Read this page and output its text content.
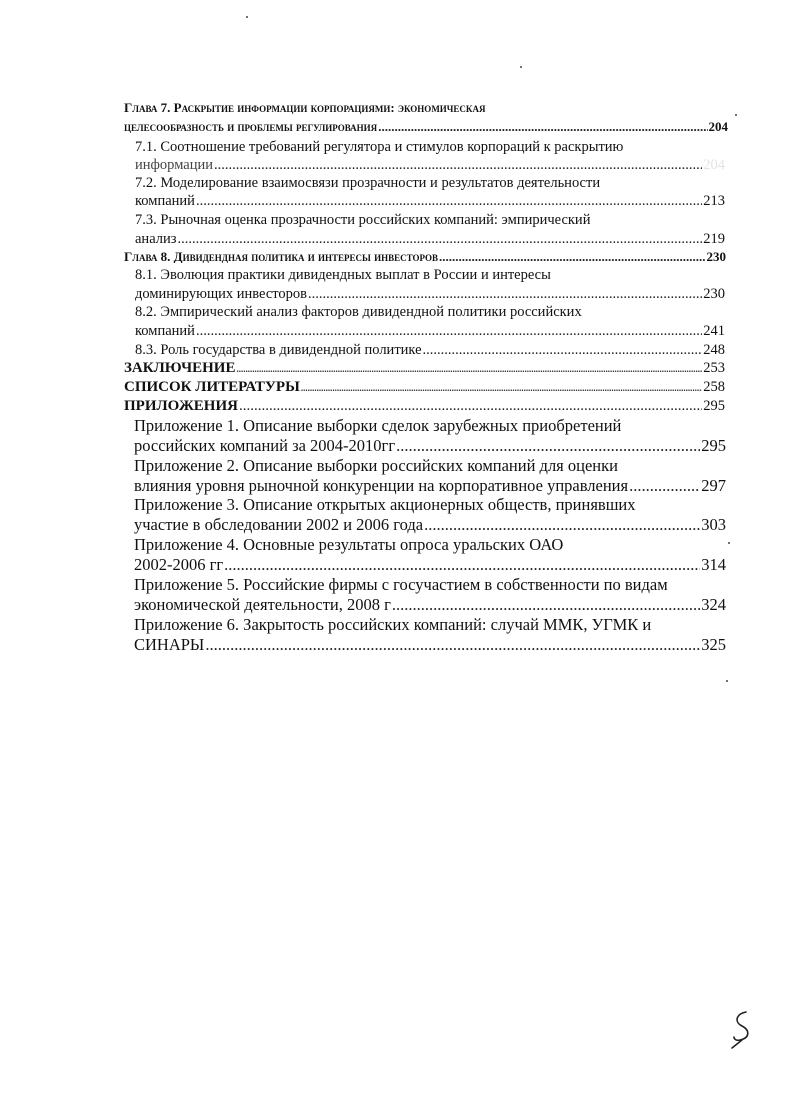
Глава 7. Раскрытие информации корпорациями: экономическая
целесообразность и проблемы регулирования .....	204
7.1. Соотношение требований регулятора и стимулов корпораций к раскрытию
информации .....	204
7.2. Моделирование взаимосвязи прозрачности и результатов деятельности
компаний .....	213
7.3. Рыночная оценка прозрачности российских компаний: эмпирический
анализ .....	219
Глава 8. Дивидендная политика и интересы инвесторов .....	230
8.1. Эволюция практики дивидендных выплат в России и интересы
доминирующих инвесторов .....	230
8.2. Эмпирический анализ факторов дивидендной политики российских
компаний .....	241
8.3. Роль государства в дивидендной политике .....	248
ЗАКЛЮЧЕНИЕ .....	253
СПИСОК ЛИТЕРАТУРЫ .....	258
ПРИЛОЖЕНИЯ .....	295
Приложение 1. Описание выборки сделок зарубежных приобретений
российских компаний за 2004-2010гг .....	295
Приложение 2. Описание выборки российских компаний для оценки
влияния уровня рыночной конкуренции на корпоративное управления .....	297
Приложение 3. Описание открытых акционерных обществ, принявших
участие в обследовании 2002 и 2006 года .....	303
Приложение 4. Основные результаты опроса уральских ОАО
2002-2006 гг .....	314
Приложение 5. Российские фирмы с госучастием в собственности по видам
экономической деятельности, 2008 г .....	324
Приложение 6. Закрытость российских компаний: случай ММК, УГМК и
СИНАРЫ .....	325
